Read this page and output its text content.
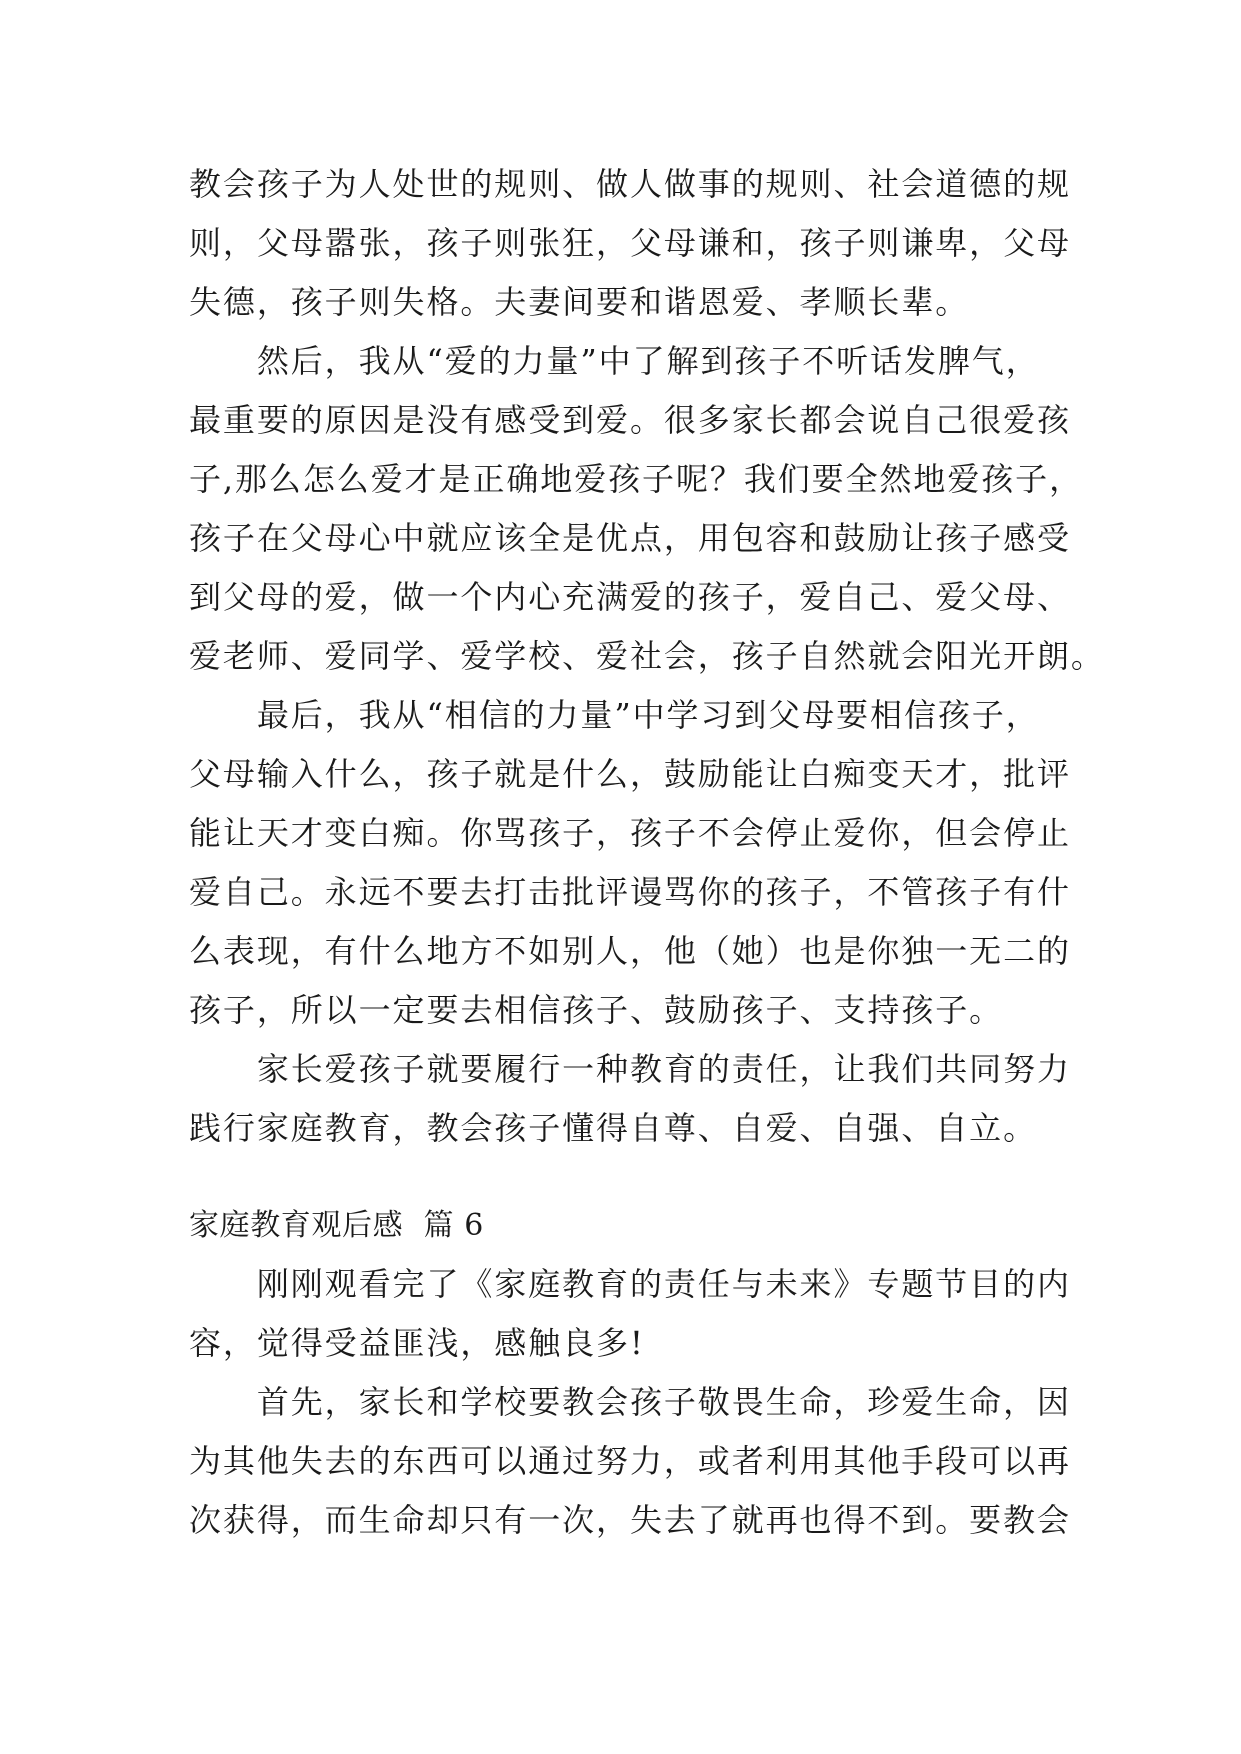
教会孩子为人处世的规则、做人做事的规则、社会道德的规
则，父母嚣张，孩子则张狂，父母谦和，孩子则谦卑，父母
失德，孩子则失格。夫妻间要和谐恩爱、孝顺长辈。
　　然后，我从“爱的力量”中了解到孩子不听话发脾气，
最重要的原因是没有感受到爱。很多家长都会说自己很爱孩
子,那么怎么爱才是正确地爱孩子呢？我们要全然地爱孩子，
孩子在父母心中就应该全是优点，用包容和鼓励让孩子感受
到父母的爱，做一个内心充满爱的孩子，爱自己、爱父母、
爱老师、爱同学、爱学校、爱社会，孩子自然就会阳光开朗。
　　最后，我从“相信的力量”中学习到父母要相信孩子，
父母输入什么，孩子就是什么，鼓励能让白痴变天才，批评
能让天才变白痴。你骂孩子，孩子不会停止爱你，但会停止
爱自己。永远不要去打击批评谩骂你的孩子，不管孩子有什
么表现，有什么地方不如别人，他（她）也是你独一无二的
孩子，所以一定要去相信孩子、鼓励孩子、支持孩子。
　　家长爱孩子就要履行一种教育的责任，让我们共同努力
践行家庭教育，教会孩子懂得自尊、自爱、自强、自立。
家庭教育观后感  篇 6
　　刚刚观看完了《家庭教育的责任与未来》专题节目的内
容，觉得受益匪浅，感触良多!
　　首先，家长和学校要教会孩子敬畏生命，珍爱生命，因
为其他失去的东西可以通过努力，或者利用其他手段可以再
次获得，而生命却只有一次，失去了就再也得不到。要教会
